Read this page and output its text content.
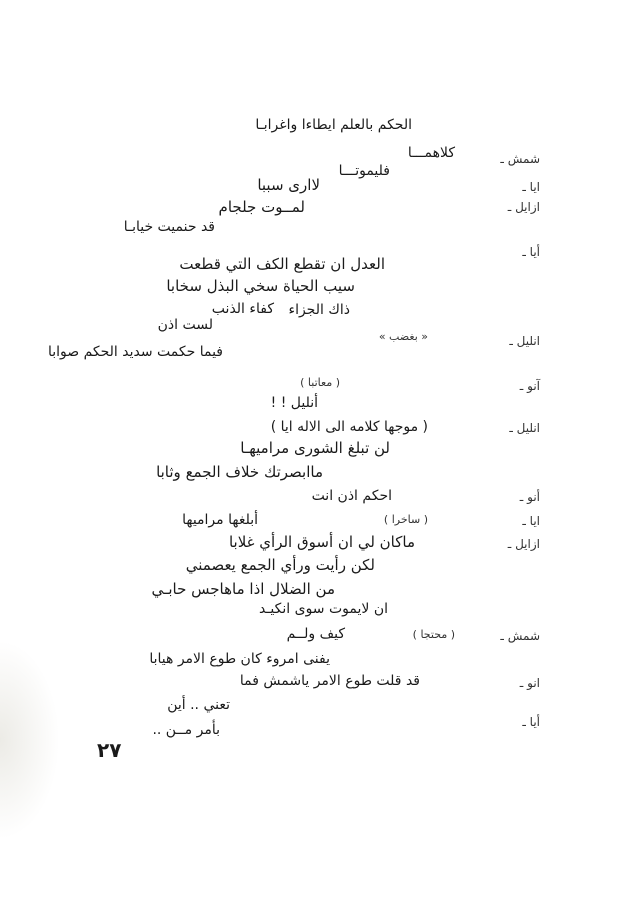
الحكم بالعلم ايطاءا واغرابـا
شمش ـ
كلاهمـــا
فليموتـــا
ايا ـ
لاارى سببا
ازايل ـ
لمــوت جلجام
قد حنميت خيابـا
أيا ـ
العدل ان تقطع الكف التي قطعت
سيب الحياة سخي البذل سخابا
ذاك الجزاء
كفاء الذنب
لست اذن
انليل ـ
« بغضب »
فيما حكمت سديد الحكم صوابا
آنو ـ
( معاتبا )
أنليل ! !
انليل ـ
( موجها كلامه الى الاله ايا )
لن تبلغ الشورى مراميهـا
ماابصرتك خلاف الجمع وثابا
أنو ـ
احكم اذن انت
ايا ـ
( ساخرا )
أبلغها مراميها
ازايل ـ
ماكان لي ان أسوق الرأي غلابا
لكن رأيت ورأي الجمع يعصمني
من الضلال اذا ماهاجس حابـي
ان لايموت سوى انكيـد
شمش ـ
( محتجا )
كيف ولــم
يفنى امروء كان طوع الامر هيابا
انو ـ
قد قلت طوع الامر ياشمش فما
تعني .. أين
أيا ـ
بأمر مــن ..
٢٧
